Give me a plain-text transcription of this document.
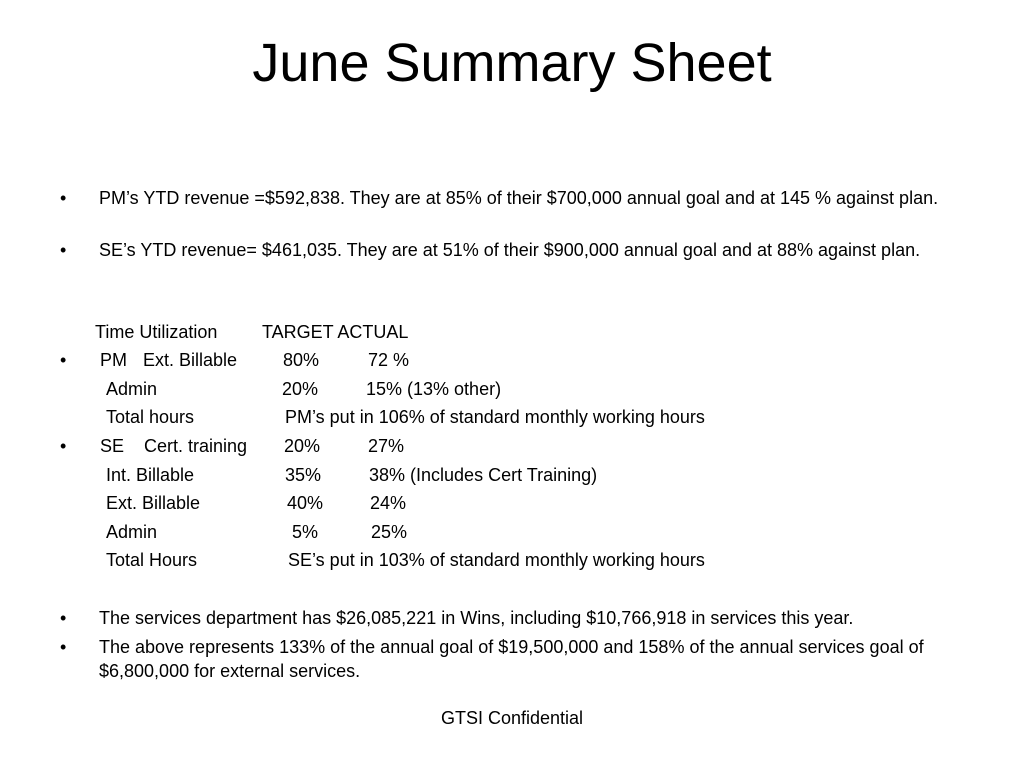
June Summary Sheet
• PM’s YTD revenue =$592,838. They are at 85% of their $700,000 annual goal and at 145 % against plan.
• SE’s YTD revenue= $461,035. They are at 51% of their $900,000 annual goal and at 88% against plan.
Time Utilization TARGET ACTUAL
• PM Ext. Billable	80%	72 %
Admin	20%	15% (13% other)
Total hours	PM’s put in 106% of standard monthly working hours
• SE Cert. training 20%	27%
Int. Billable	35%	38% (Includes Cert Training)
Ext. Billable	40%	24%
Admin	5%	25%
Total Hours	SE’s put in 103% of standard monthly working hours
• The services department has $26,085,221 in Wins, including $10,766,918 in services this year.
• The above represents 133% of the annual goal of $19,500,000 and 158% of the annual services goal of $6,800,000 for external services.
GTSI Confidential
